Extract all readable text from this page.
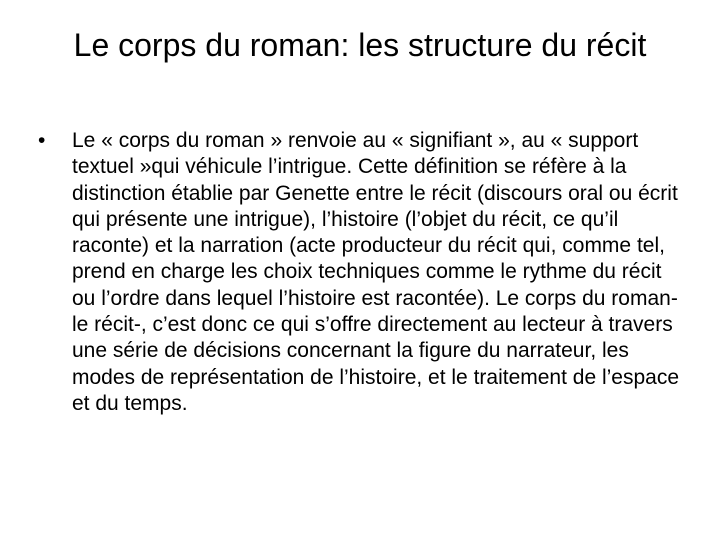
Le corps du roman: les structure du récit
• Le « corps du roman » renvoie au « signifiant », au « support textuel »qui véhicule l’intrigue. Cette définition se réfère à la distinction établie par Genette entre le récit (discours oral ou écrit qui présente une intrigue), l’histoire (l’objet du récit, ce qu’il raconte) et la narration (acte producteur du récit qui, comme tel, prend en charge les choix techniques comme le rythme du récit ou l’ordre dans lequel l’histoire est racontée). Le corps du roman- le récit-, c’est donc ce qui s’offre directement au lecteur à travers une série de décisions concernant la figure du narrateur, les modes de représentation de l’histoire, et le traitement de l’espace et du temps.
